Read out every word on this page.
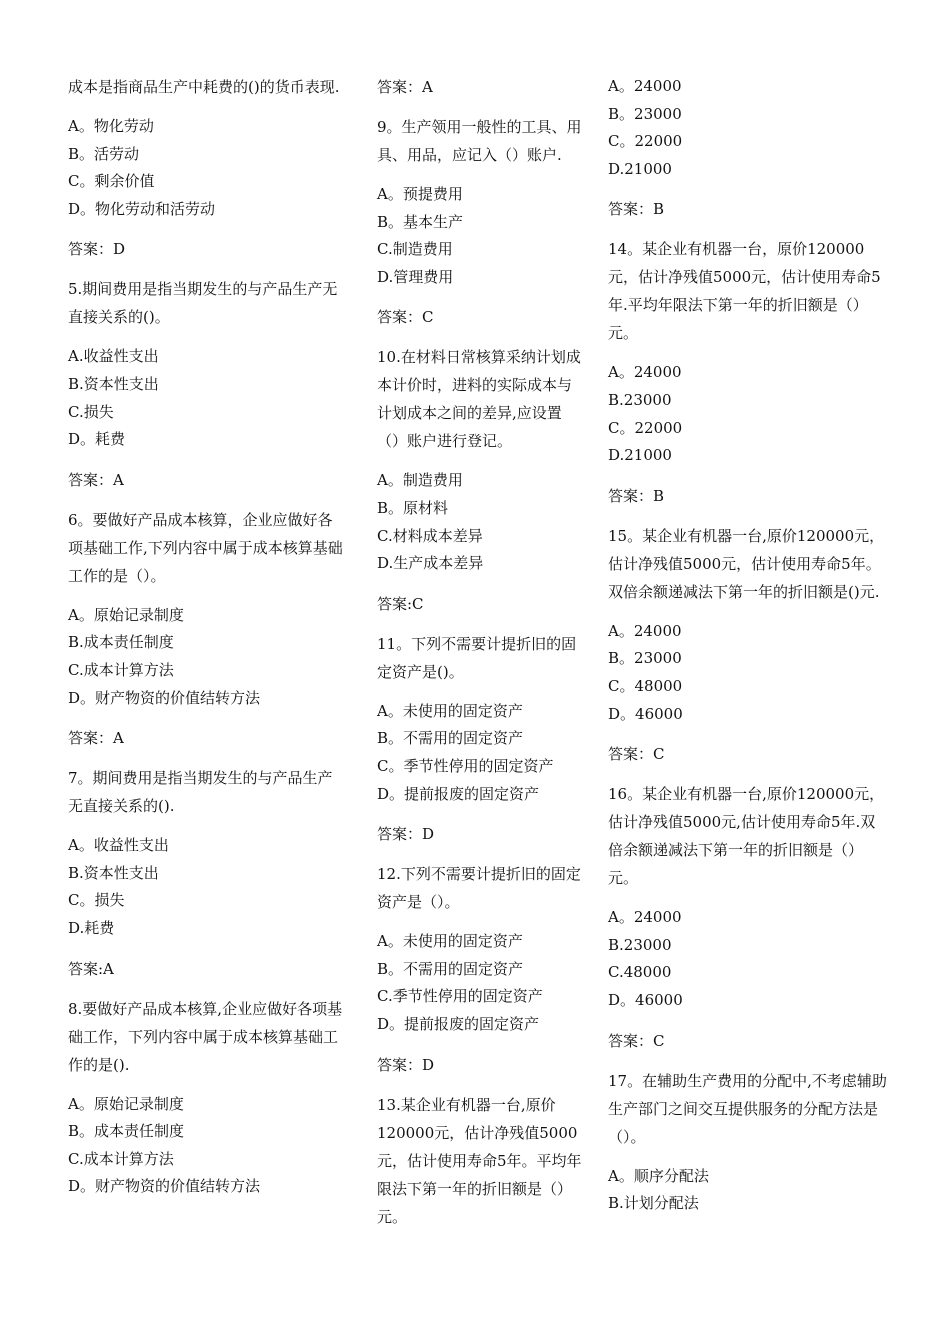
成本是指商品生产中耗费的()的货币表现.
A。物化劳动
B。活劳动
C。剩余价值
D。物化劳动和活劳动
答案：D
5.期间费用是指当期发生的与产品生产无直接关系的()。
A.收益性支出
B.资本性支出
C.损失
D。耗费
答案：A
6。要做好产品成本核算，企业应做好各项基础工作,下列内容中属于成本核算基础工作的是（）。
A。原始记录制度
B.成本责任制度
C.成本计算方法
D。财产物资的价值结转方法
答案：A
7。期间费用是指当期发生的与产品生产无直接关系的().
A。收益性支出
B.资本性支出
C。损失
D.耗费
答案:A
8.要做好产品成本核算,企业应做好各项基础工作，下列内容中属于成本核算基础工作的是().
A。原始记录制度
B。成本责任制度
C.成本计算方法
D。财产物资的价值结转方法
答案：A
9。生产领用一般性的工具、用具、用品，应记入（）账户.
A。预提费用
B。基本生产
C.制造费用
D.管理费用
答案：C
10.在材料日常核算采纳计划成本计价时，进料的实际成本与计划成本之间的差异,应设置（）账户进行登记。
A。制造费用
B。原材料
C.材料成本差异
D.生产成本差异
答案:C
11。下列不需要计提折旧的固定资产是()。
A。未使用的固定资产
B。不需用的固定资产
C。季节性停用的固定资产
D。提前报废的固定资产
答案：D
12.下列不需要计提折旧的固定资产是（）。
A。未使用的固定资产
B。不需用的固定资产
C.季节性停用的固定资产
D。提前报废的固定资产
答案：D
13.某企业有机器一台,原价120000元，估计净残值5000元，估计使用寿命5年。平均年限法下第一年的折旧额是（）元。
A。24000
B。23000
C。22000
D.21000
答案：B
14。某企业有机器一台，原价120000元，估计净残值5000元，估计使用寿命5年.平均年限法下第一年的折旧额是（）元。
A。24000
B.23000
C。22000
D.21000
答案：B
15。某企业有机器一台,原价120000元，估计净残值5000元，估计使用寿命5年。双倍余额递减法下第一年的折旧额是()元.
A。24000
B。23000
C。48000
D。46000
答案：C
16。某企业有机器一台,原价120000元，估计净残值5000元,估计使用寿命5年.双倍余额递减法下第一年的折旧额是（）元。
A。24000
B.23000
C.48000
D。46000
答案：C
17。在辅助生产费用的分配中,不考虑辅助生产部门之间交互提供服务的分配方法是（）。
A。顺序分配法
B.计划分配法
